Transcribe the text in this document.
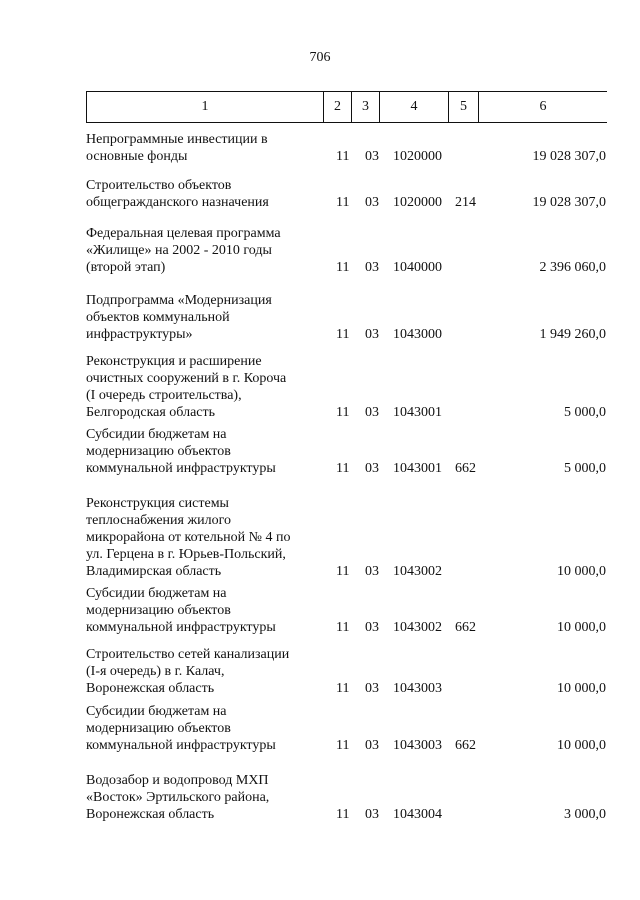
706
1	2	3	4	5	6
Непрограммные инвестиции в
основные фонды	11 03 1020000	19 028 307,0
Строительство объектов
общегражданского назначения	11 03 1020000 214	19 028 307,0
Федеральная целевая программа
«Жилище» на 2002 - 2010 годы
(второй этап)	11 03 1040000	2 396 060,0
Подпрограмма «Модернизация
объектов коммунальной
инфраструктуры»	11 03 1043000	1 949 260,0
Реконструкция и расширение
очистных сооружений в г. Короча
(I очередь строительства),
Белгородская область	11 03 1043001	5 000,0
Субсидии бюджетам на
модернизацию объектов
коммунальной инфраструктуры	11 03 1043001 662	5 000,0
Реконструкция системы
теплоснабжения жилого
микрорайона от котельной № 4 по
ул. Герцена в г. Юрьев-Польский,
Владимирская область	11 03 1043002	10 000,0
Субсидии бюджетам на
модернизацию объектов
коммунальной инфраструктуры	11 03 1043002 662	10 000,0
Строительство сетей канализации
(I-я очередь) в г. Калач,
Воронежская область	11 03 1043003	10 000,0
Субсидии бюджетам на
модернизацию объектов
коммунальной инфраструктуры	11 03 1043003 662	10 000,0
Водозабор и водопровод МХП
«Восток» Эртильского района,
Воронежская область	11 03 1043004	3 000,0
